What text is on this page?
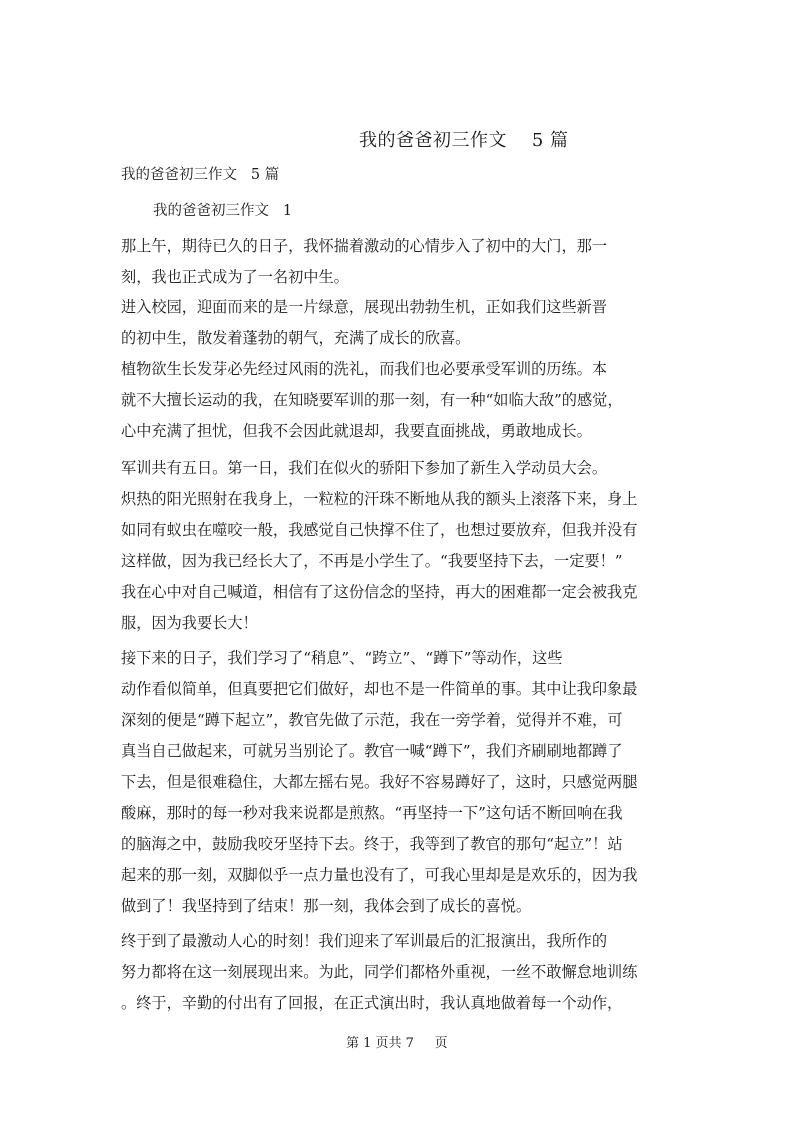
我的爸爸初三作文    5 篇
我的爸爸初三作文   5 篇
我的爸爸初三作文   1
那上午，期待已久的日子，我怀揣着激动的心情步入了初中的大门，那一
刻，我也正式成为了一名初中生。
进入校园，迎面而来的是一片绿意，展现出勃勃生机，正如我们这些新晋
的初中生，散发着蓬勃的朝气，充满了成长的欣喜。
植物欲生长发芽必先经过风雨的洗礼，而我们也必要承受军训的历练。本
就不大擅长运动的我，在知晓要军训的那一刻，有一种“如临大敌”的感觉，
心中充满了担忧，但我不会因此就退却，我要直面挑战，勇敢地成长。
军训共有五日。第一日，我们在似火的骄阳下参加了新生入学动员大会。
炽热的阳光照射在我身上，一粒粒的汗珠不断地从我的额头上滚落下来，身上
如同有蚁虫在噬咬一般，我感觉自己快撑不住了，也想过要放弃，但我并没有
这样做，因为我已经长大了，不再是小学生了。“我要坚持下去，一定要！”
我在心中对自己喊道，相信有了这份信念的坚持，再大的困难都一定会被我克
服，因为我要长大！
接下来的日子，我们学习了“稍息”、“跨立”、“蹲下”等动作，这些
动作看似简单，但真要把它们做好，却也不是一件简单的事。其中让我印象最
深刻的便是“蹲下起立”，教官先做了示范，我在一旁学着，觉得并不难，可
真当自己做起来，可就另当别论了。教官一喊“蹲下”，我们齐刷刷地都蹲了
下去，但是很难稳住，大都左摇右晃。我好不容易蹲好了，这时，只感觉两腿
酸麻，那时的每一秒对我来说都是煎熬。“再坚持一下”这句话不断回响在我
的脑海之中，鼓励我咬牙坚持下去。终于，我等到了教官的那句“起立”！站
起来的那一刻，双脚似乎一点力量也没有了，可我心里却是是欢乐的，因为我
做到了！我坚持到了结束！那一刻，我体会到了成长的喜悦。
终于到了最激动人心的时刻！我们迎来了军训最后的汇报演出，我所作的
努力都将在这一刻展现出来。为此，同学们都格外重视，一丝不敢懈怠地训练
。终于，辛勤的付出有了回报，在正式演出时，我认真地做着每一个动作，
第 1 页共 7     页
